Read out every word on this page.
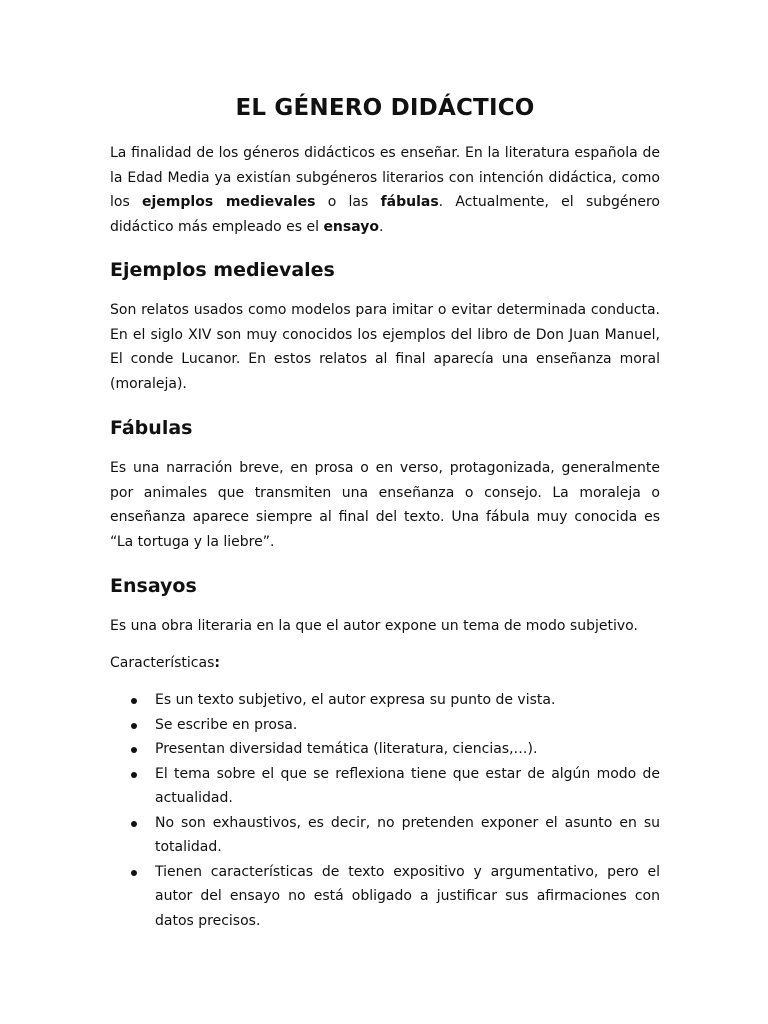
EL GÉNERO DIDÁCTICO

La finalidad de los géneros didácticos es enseñar. En la literatura española de la Edad Media ya existían subgéneros literarios con intención didáctica, como los ejemplos medievales o las fábulas. Actualmente, el subgénero didáctico más empleado es el ensayo.

Ejemplos medievales

Son relatos usados como modelos para imitar o evitar determinada conducta. En el siglo XIV son muy conocidos los ejemplos del libro de Don Juan Manuel, El conde Lucanor. En estos relatos al final aparecía una enseñanza moral (moraleja).

Fábulas

Es una narración breve, en prosa o en verso, protagonizada, generalmente por animales que transmiten una enseñanza o consejo. La moraleja o enseñanza aparece siempre al final del texto. Una fábula muy conocida es “La tortuga y la liebre”.

Ensayos

Es una obra literaria en la que el autor expone un tema de modo subjetivo.

Características:

Es un texto subjetivo, el autor expresa su punto de vista.
Se escribe en prosa.
Presentan diversidad temática (literatura, ciencias,…).
El tema sobre el que se reflexiona tiene que estar de algún modo de actualidad.
No son exhaustivos, es decir, no pretenden exponer el asunto en su totalidad.
Tienen características de texto expositivo y argumentativo, pero el autor del ensayo no está obligado a justificar sus afirmaciones con datos precisos.
